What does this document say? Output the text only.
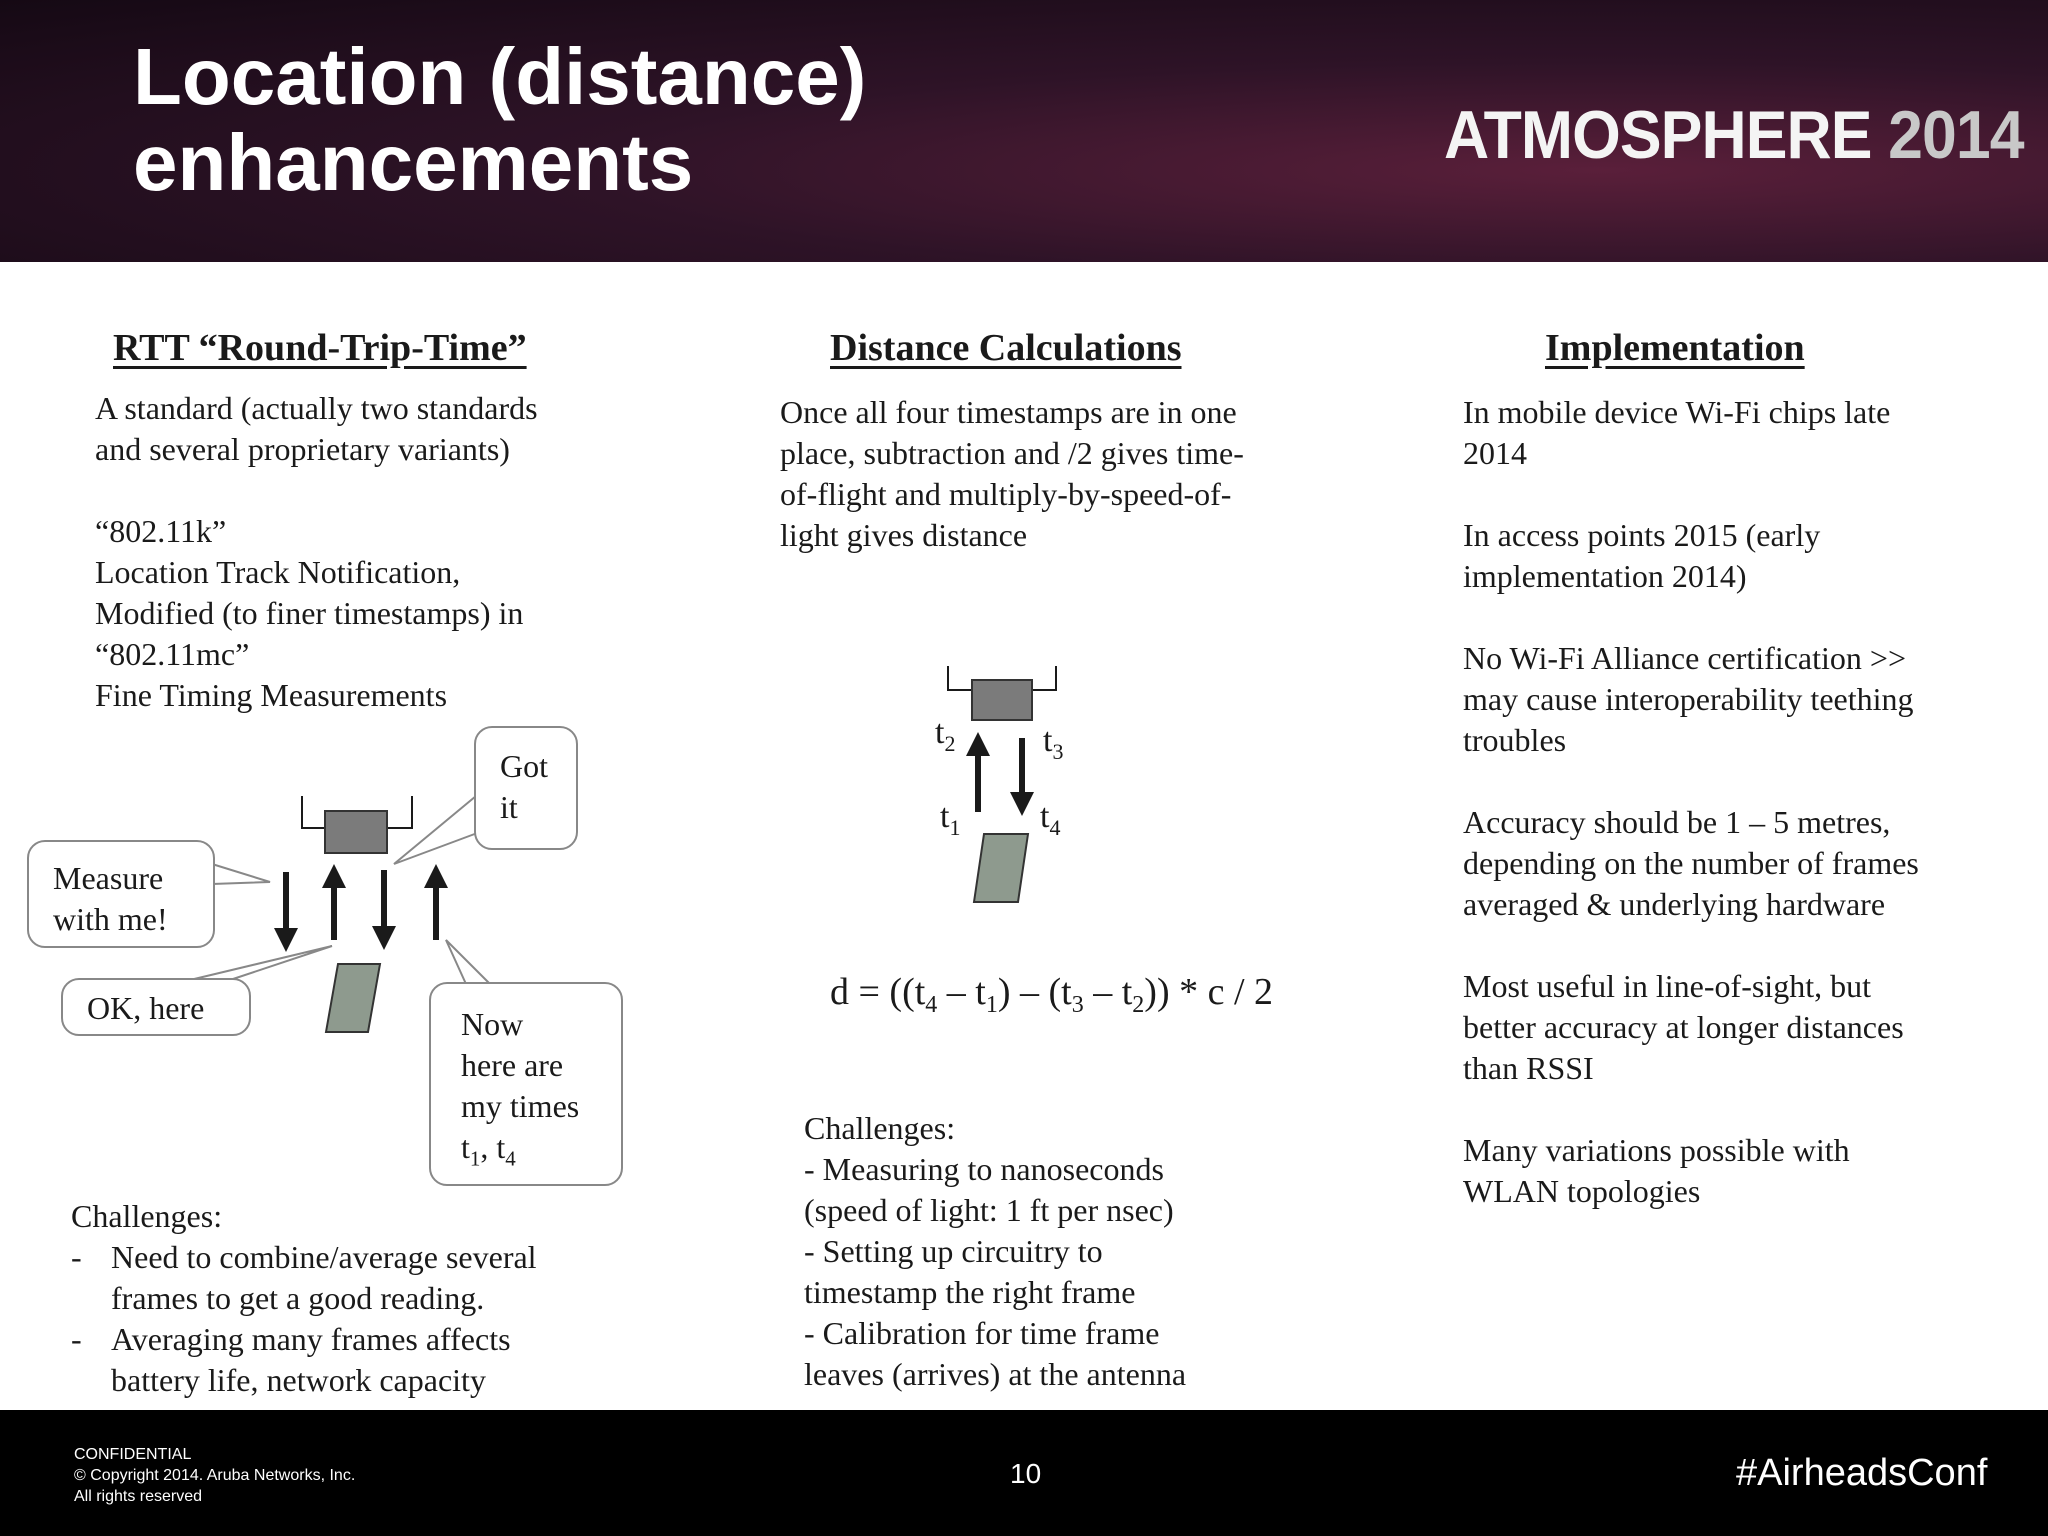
Location (distance)
enhancements	ATMOSPHERE 2014
RTT “Round-Trip-Time”
A standard (actually two standards
and several proprietary variants)
“802.11k”
Location Track Notification,
Modified (to finer timestamps) in
“802.11mc”
Fine Timing Measurements
Got
it
Measure
with me!
OK, here	Now
here are
my times
$t_1$, $t_4$
Challenges:
- Need to combine/average several
frames to get a good reading.
- Averaging many frames affects
battery life, network capacity
Distance Calculations
Once all four timestamps are in one
place, subtraction and /2 gives time-
of-flight and multiply-by-speed-of-
light gives distance
$t_2$	$t_3$
$t_1$ $t_4$
$d = ((t_4 - t_1) - (t_3 - t_2)) * c / 2$
Challenges:
- Measuring to nanoseconds
(speed of light: 1 ft per nsec)
- Setting up circuitry to
timestamp the right frame
- Calibration for time frame
leaves (arrives) at the antenna
Implementation
In mobile device Wi-Fi chips late
2014
In access points 2015 (early
implementation 2014)
No Wi-Fi Alliance certification >>
may cause interoperability teething
troubles
Accuracy should be 1 – 5 metres,
depending on the number of frames
averaged & underlying hardware
Most useful in line-of-sight, but
better accuracy at longer distances
than RSSI
Many variations possible with
WLAN topologies
CONFIDENTIAL
© Copyright 2014. Aruba Networks, Inc.
All rights reserved
10	#AirheadsConf
